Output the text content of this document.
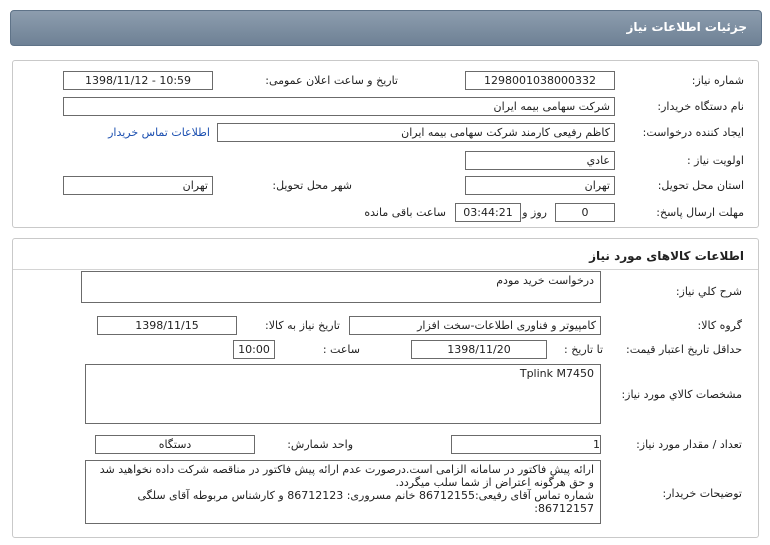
جزئيات اطلاعات نياز
شماره نیاز:
1298001038000332
تاریخ و ساعت اعلان عمومی:
1398/11/12 - 10:59
نام دستگاه خریدار:
شرکت سهامی بیمه ایران
ایجاد کننده درخواست:
کاظم رفیعی کارمند شرکت سهامی بیمه ایران
اطلاعات تماس خریدار
اولویت نیاز :
عادي
استان محل تحویل:
تهران
شهر محل تحویل:
تهران
مهلت ارسال پاسخ:
0
روز و
03:44:21
ساعت باقی مانده
اطلاعات کالاهای مورد نیاز
شرح کلي نياز:
درخواست خرید مودم
گروه کالا:
کامپیوتر و فناوری اطلاعات-سخت افزار
تاریخ نیاز به کالا:
1398/11/15
حداقل تاریخ اعتبار قیمت:
تا تاریخ :
1398/11/20
ساعت :
10:00
مشخصات کالاي مورد نياز:
Tplink M7450
تعداد / مقدار مورد نیاز:
1
واحد شمارش:
دستگاه
توضیحات خریدار:
ارائه پیش فاکتور در سامانه الزامی است.درصورت عدم ارائه پیش فاکتور در مناقصه شرکت داده نخواهید شد و حق هرگونه اعتراض از شما سلب میگردد.
شماره تماس آقای رفیعی:86712155 خانم مسروری: 86712123 و کارشناس مربوطه آقای سلگی 86712157:
